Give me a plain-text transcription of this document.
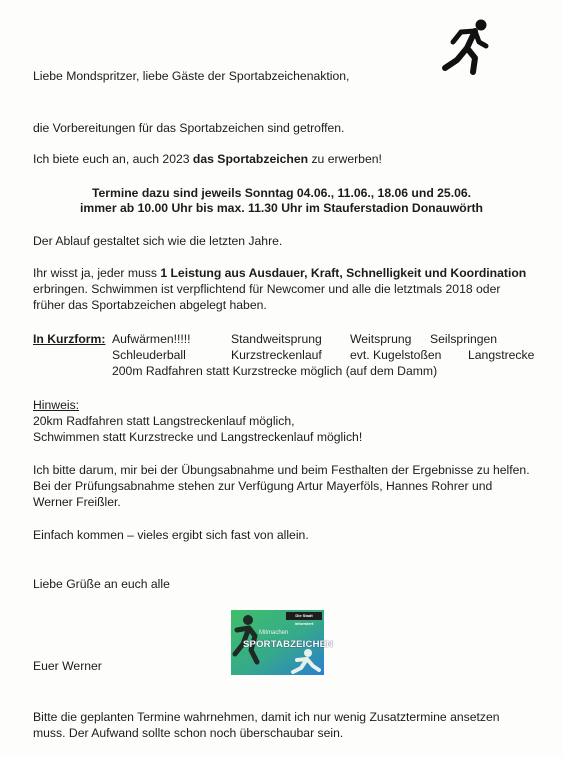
Liebe Mondspritzer, liebe Gäste der Sportabzeichenaktion,
die Vorbereitungen für das Sportabzeichen sind getroffen.
Ich biete euch an, auch 2023 das Sportabzeichen zu erwerben!
Termine dazu sind jeweils Sonntag 04.06., 11.06., 18.06 und 25.06.
immer ab 10.00 Uhr bis max. 11.30 Uhr im Stauferstadion Donauwörth
Der Ablauf gestaltet sich wie die letzten Jahre.
Ihr wisst ja, jeder muss 1 Leistung aus Ausdauer, Kraft, Schnelligkeit und Koordination
erbringen. Schwimmen ist verpflichtend für Newcomer und alle die letztmals 2018 oder
früher das Sportabzeichen abgelegt haben.
In Kurzform: Aufwärmen!!!!!	Standweitsprung Weitsprung Seilspringen
Schleuderball	Kurzstreckenlauf evt. Kugelstoßen Langstrecke
200m Radfahren statt Kurzstrecke möglich (auf dem Damm)
Hinweis:
20km Radfahren statt Langstreckenlauf möglich,
Schwimmen statt Kurzstrecke und Langstreckenlauf möglich!
Ich bitte darum, mir bei der Übungsabnahme und beim Festhalten der Ergebnisse zu helfen.
Bei der Prüfungsabnahme stehen zur Verfügung Artur Mayerföls, Hannes Rohrer und
Werner Freißler.
Einfach kommen – vieles ergibt sich fast von allein.
Liebe Grüße an euch alle
Die Stadt informiert
Mitmachen
SPORTABZEICHEN
Euer Werner
Bitte die geplanten Termine wahrnehmen, damit ich nur wenig Zusatztermine ansetzen
muss. Der Aufwand sollte schon noch überschaubar sein.
